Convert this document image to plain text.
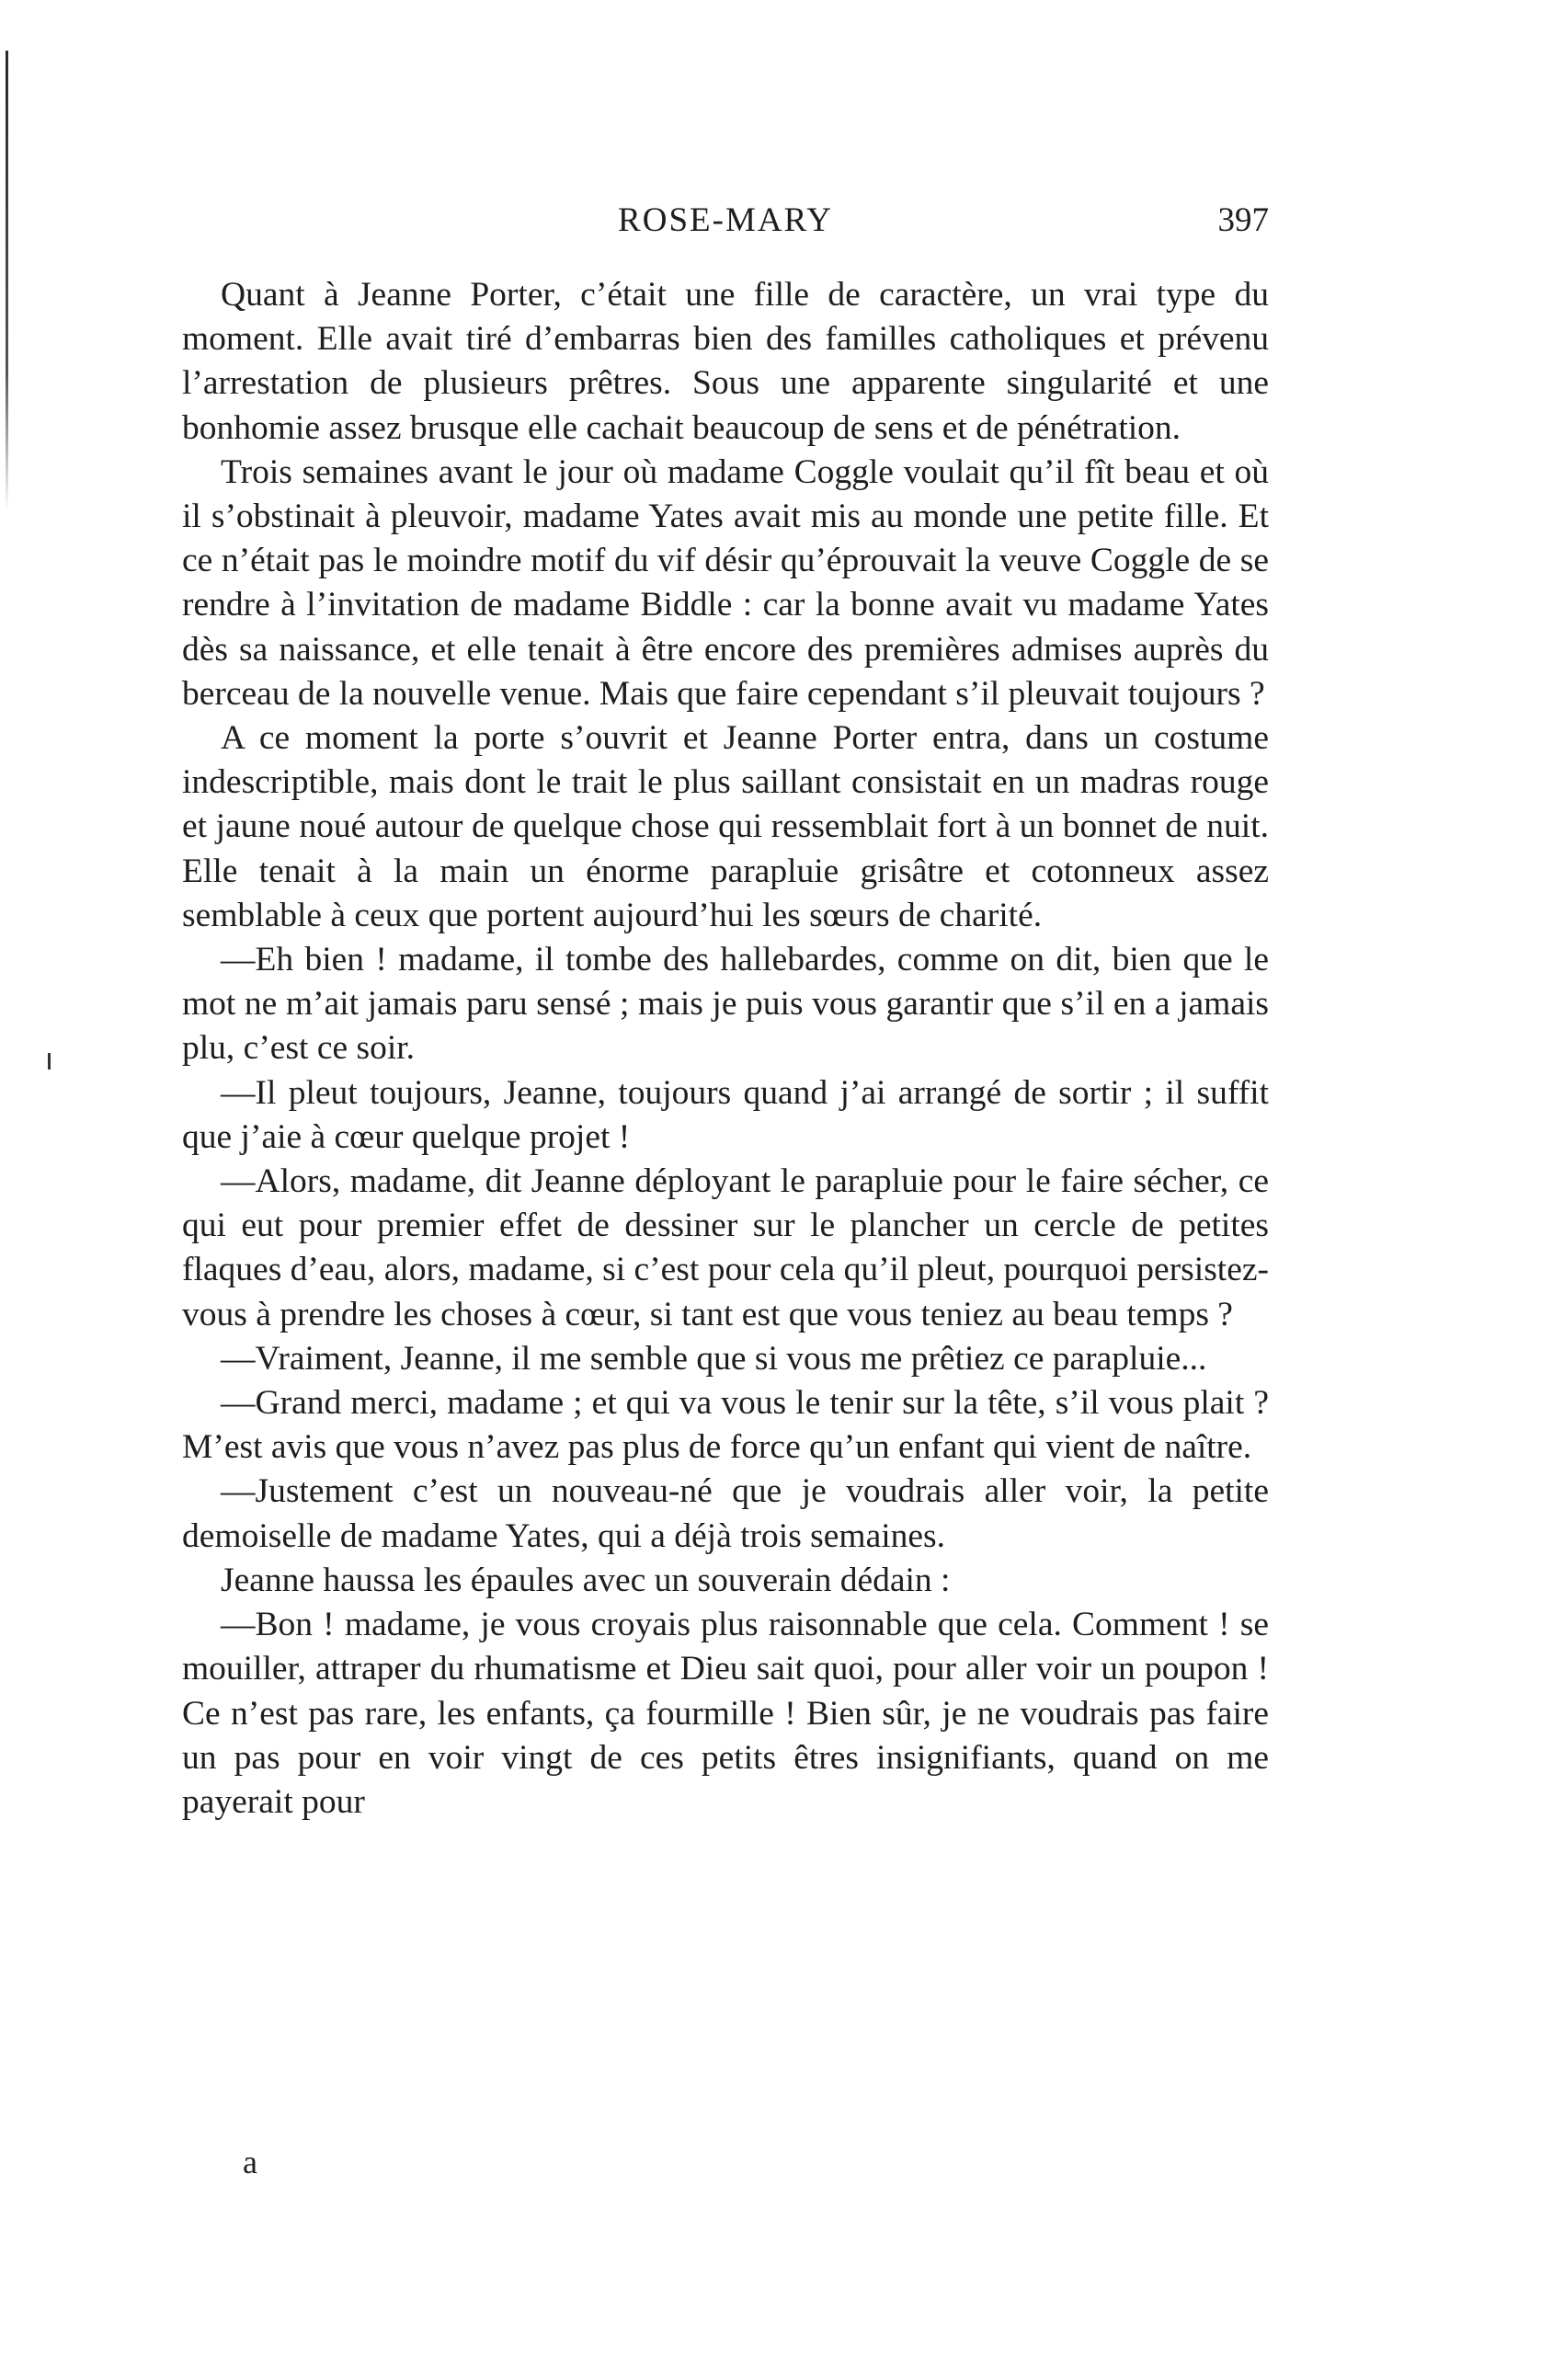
ROSE-MARY	397

Quant à Jeanne Porter, c’était une fille de caractère, un vrai type du moment. Elle avait tiré d’embarras bien des familles catholiques et prévenu l’arrestation de plusieurs prêtres. Sous une apparente singularité et une bonhomie assez brusque elle cachait beaucoup de sens et de pénétration.

Trois semaines avant le jour où madame Coggle voulait qu’il fît beau et où il s’obstinait à pleuvoir, madame Yates avait mis au monde une petite fille. Et ce n’était pas le moindre motif du vif désir qu’éprouvait la veuve Coggle de se rendre à l’invitation de madame Biddle : car la bonne avait vu madame Yates dès sa naissance, et elle tenait à être encore des premières admises auprès du berceau de la nouvelle venue. Mais que faire cependant s’il pleuvait toujours ?

A ce moment la porte s’ouvrit et Jeanne Porter entra, dans un costume indescriptible, mais dont le trait le plus saillant consistait en un madras rouge et jaune noué autour de quelque chose qui ressemblait fort à un bonnet de nuit. Elle tenait à la main un énorme parapluie grisâtre et cotonneux assez semblable à ceux que portent aujourd’hui les sœurs de charité.

—Eh bien ! madame, il tombe des hallebardes, comme on dit, bien que le mot ne m’ait jamais paru sensé ; mais je puis vous garantir que s’il en a jamais plu, c’est ce soir.

—Il pleut toujours, Jeanne, toujours quand j’ai arrangé de sortir ; il suffit que j’aie à cœur quelque projet !

—Alors, madame, dit Jeanne déployant le parapluie pour le faire sécher, ce qui eut pour premier effet de dessiner sur le plancher un cercle de petites flaques d’eau, alors, madame, si c’est pour cela qu’il pleut, pourquoi persistez-vous à prendre les choses à cœur, si tant est que vous teniez au beau temps ?

—Vraiment, Jeanne, il me semble que si vous me prêtiez ce parapluie...

—Grand merci, madame ; et qui va vous le tenir sur la tête, s’il vous plait ? M’est avis que vous n’avez pas plus de force qu’un enfant qui vient de naître.

—Justement c’est un nouveau-né que je voudrais aller voir, la petite demoiselle de madame Yates, qui a déjà trois semaines.

Jeanne haussa les épaules avec un souverain dédain :

—Bon ! madame, je vous croyais plus raisonnable que cela. Comment ! se mouiller, attraper du rhumatisme et Dieu sait quoi, pour aller voir un poupon ! Ce n’est pas rare, les enfants, ça fourmille ! Bien sûr, je ne voudrais pas faire un pas pour en voir vingt de ces petits êtres insignifiants, quand on me payerait pour

a
